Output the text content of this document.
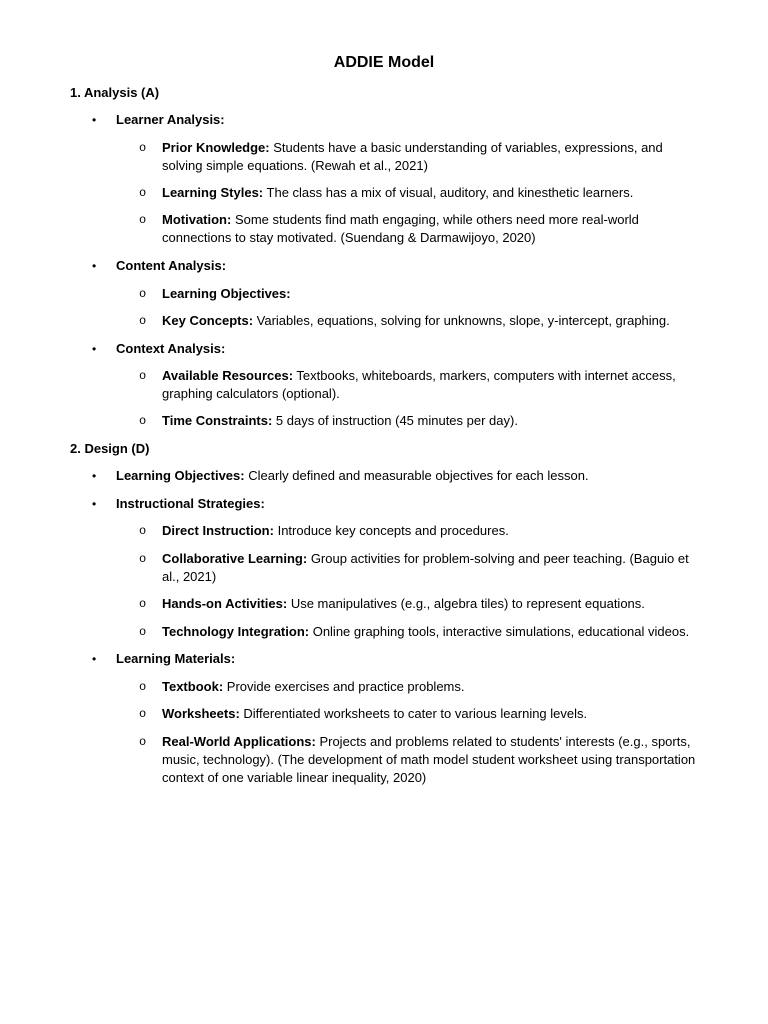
ADDIE Model
1. Analysis (A)
• Learner Analysis:
o Prior Knowledge: Students have a basic understanding of variables, expressions, and solving simple equations. (Rewah et al., 2021)
o Learning Styles: The class has a mix of visual, auditory, and kinesthetic learners.
o Motivation: Some students find math engaging, while others need more real-world connections to stay motivated. (Suendang & Darmawijoyo, 2020)
• Content Analysis:
o Learning Objectives:
o Key Concepts: Variables, equations, solving for unknowns, slope, y-intercept, graphing.
• Context Analysis:
o Available Resources: Textbooks, whiteboards, markers, computers with internet access, graphing calculators (optional).
o Time Constraints: 5 days of instruction (45 minutes per day).
2. Design (D)
• Learning Objectives: Clearly defined and measurable objectives for each lesson.
• Instructional Strategies:
o Direct Instruction: Introduce key concepts and procedures.
o Collaborative Learning: Group activities for problem-solving and peer teaching. (Baguio et al., 2021)
o Hands-on Activities: Use manipulatives (e.g., algebra tiles) to represent equations.
o Technology Integration: Online graphing tools, interactive simulations, educational videos.
• Learning Materials:
o Textbook: Provide exercises and practice problems.
o Worksheets: Differentiated worksheets to cater to various learning levels.
o Real-World Applications: Projects and problems related to students' interests (e.g., sports, music, technology). (The development of math model student worksheet using transportation context of one variable linear inequality, 2020)
